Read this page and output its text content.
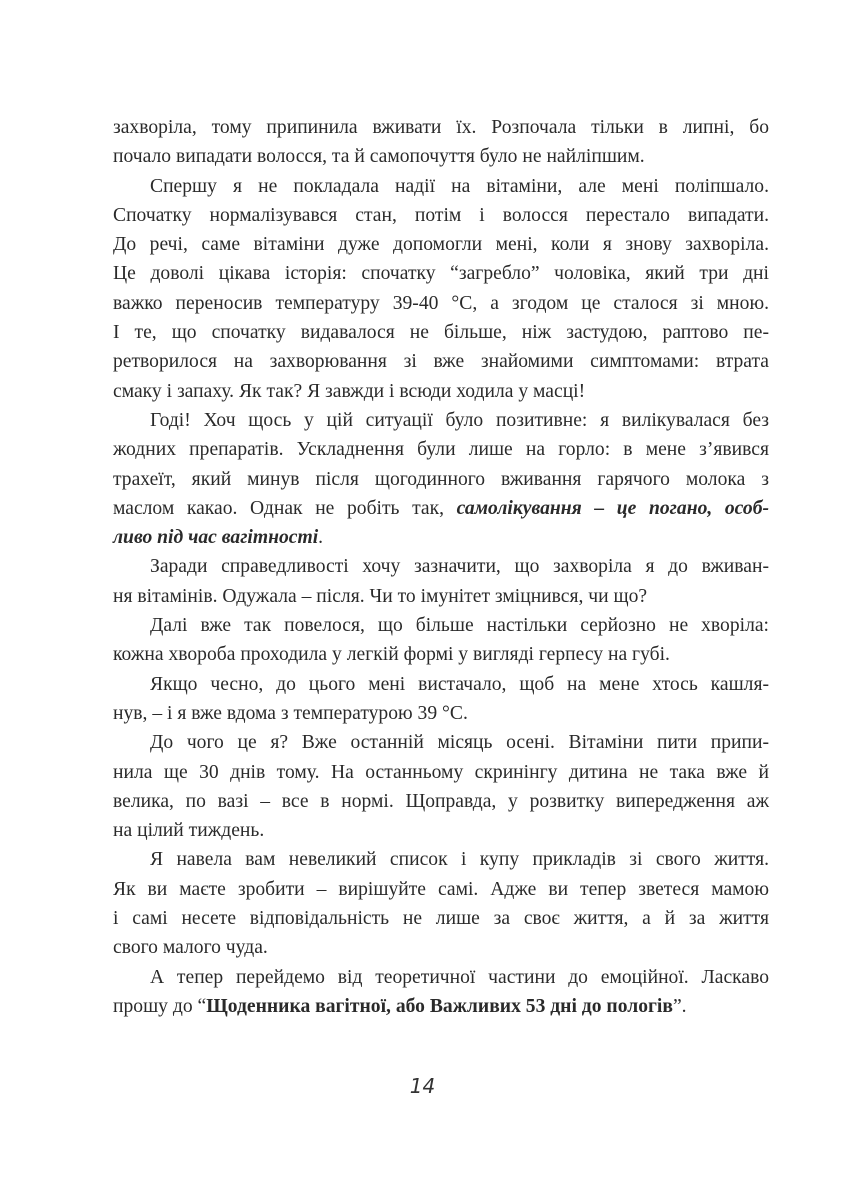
захворіла, тому припинила вживати їх. Розпочала тільки в липні, бо
почало випадати волосся, та й самопочуття було не найліпшим.
Спершу я не покладала надії на вітаміни, але мені поліпшало.
Спочатку нормалізувався стан, потім і волосся перестало випадати.
До речі, саме вітаміни дуже допомогли мені, коли я знову захворіла.
Це доволі цікава історія: спочатку “загребло” чоловіка, який три дні
важко переносив температуру 39-40 °С, а згодом це сталося зі мною.
І те, що спочатку видавалося не більше, ніж застудою, раптово пе-
ретворилося на захворювання зі вже знайомими симптомами: втрата
смаку і запаху. Як так? Я завжди і всюди ходила у масці!
Годі! Хоч щось у цій ситуації було позитивне: я вилікувалася без
жодних препаратів. Ускладнення були лише на горло: в мене з’явився
трахеїт, який минув після щогодинного вживання гарячого молока з
маслом какао. Однак не робіть так, самолікування – це погано, особ-
ливо під час вагітності.
Заради справедливості хочу зазначити, що захворіла я до вживан-
ня вітамінів. Одужала – після. Чи то імунітет зміцнився, чи що?
Далі вже так повелося, що більше настільки серйозно не хворіла:
кожна хвороба проходила у легкій формі у вигляді герпесу на губі.
Якщо чесно, до цього мені вистачало, щоб на мене хтось кашля-
нув, – і я вже вдома з температурою 39 °С.
До чого це я? Вже останній місяць осені. Вітаміни пити припи-
нила ще 30 днів тому. На останньому скринінгу дитина не така вже й
велика, по вазі – все в нормі. Щоправда, у розвитку випередження аж
на цілий тиждень.
Я навела вам невеликий список і купу прикладів зі свого життя.
Як ви маєте зробити – вирішуйте самі. Адже ви тепер зветеся мамою
і самі несете відповідальність не лише за своє життя, а й за життя
свого малого чуда.
А тепер перейдемо від теоретичної частини до емоційної. Ласкаво
прошу до “Щоденника вагітної, або Важливих 53 дні до пологів”.
14
